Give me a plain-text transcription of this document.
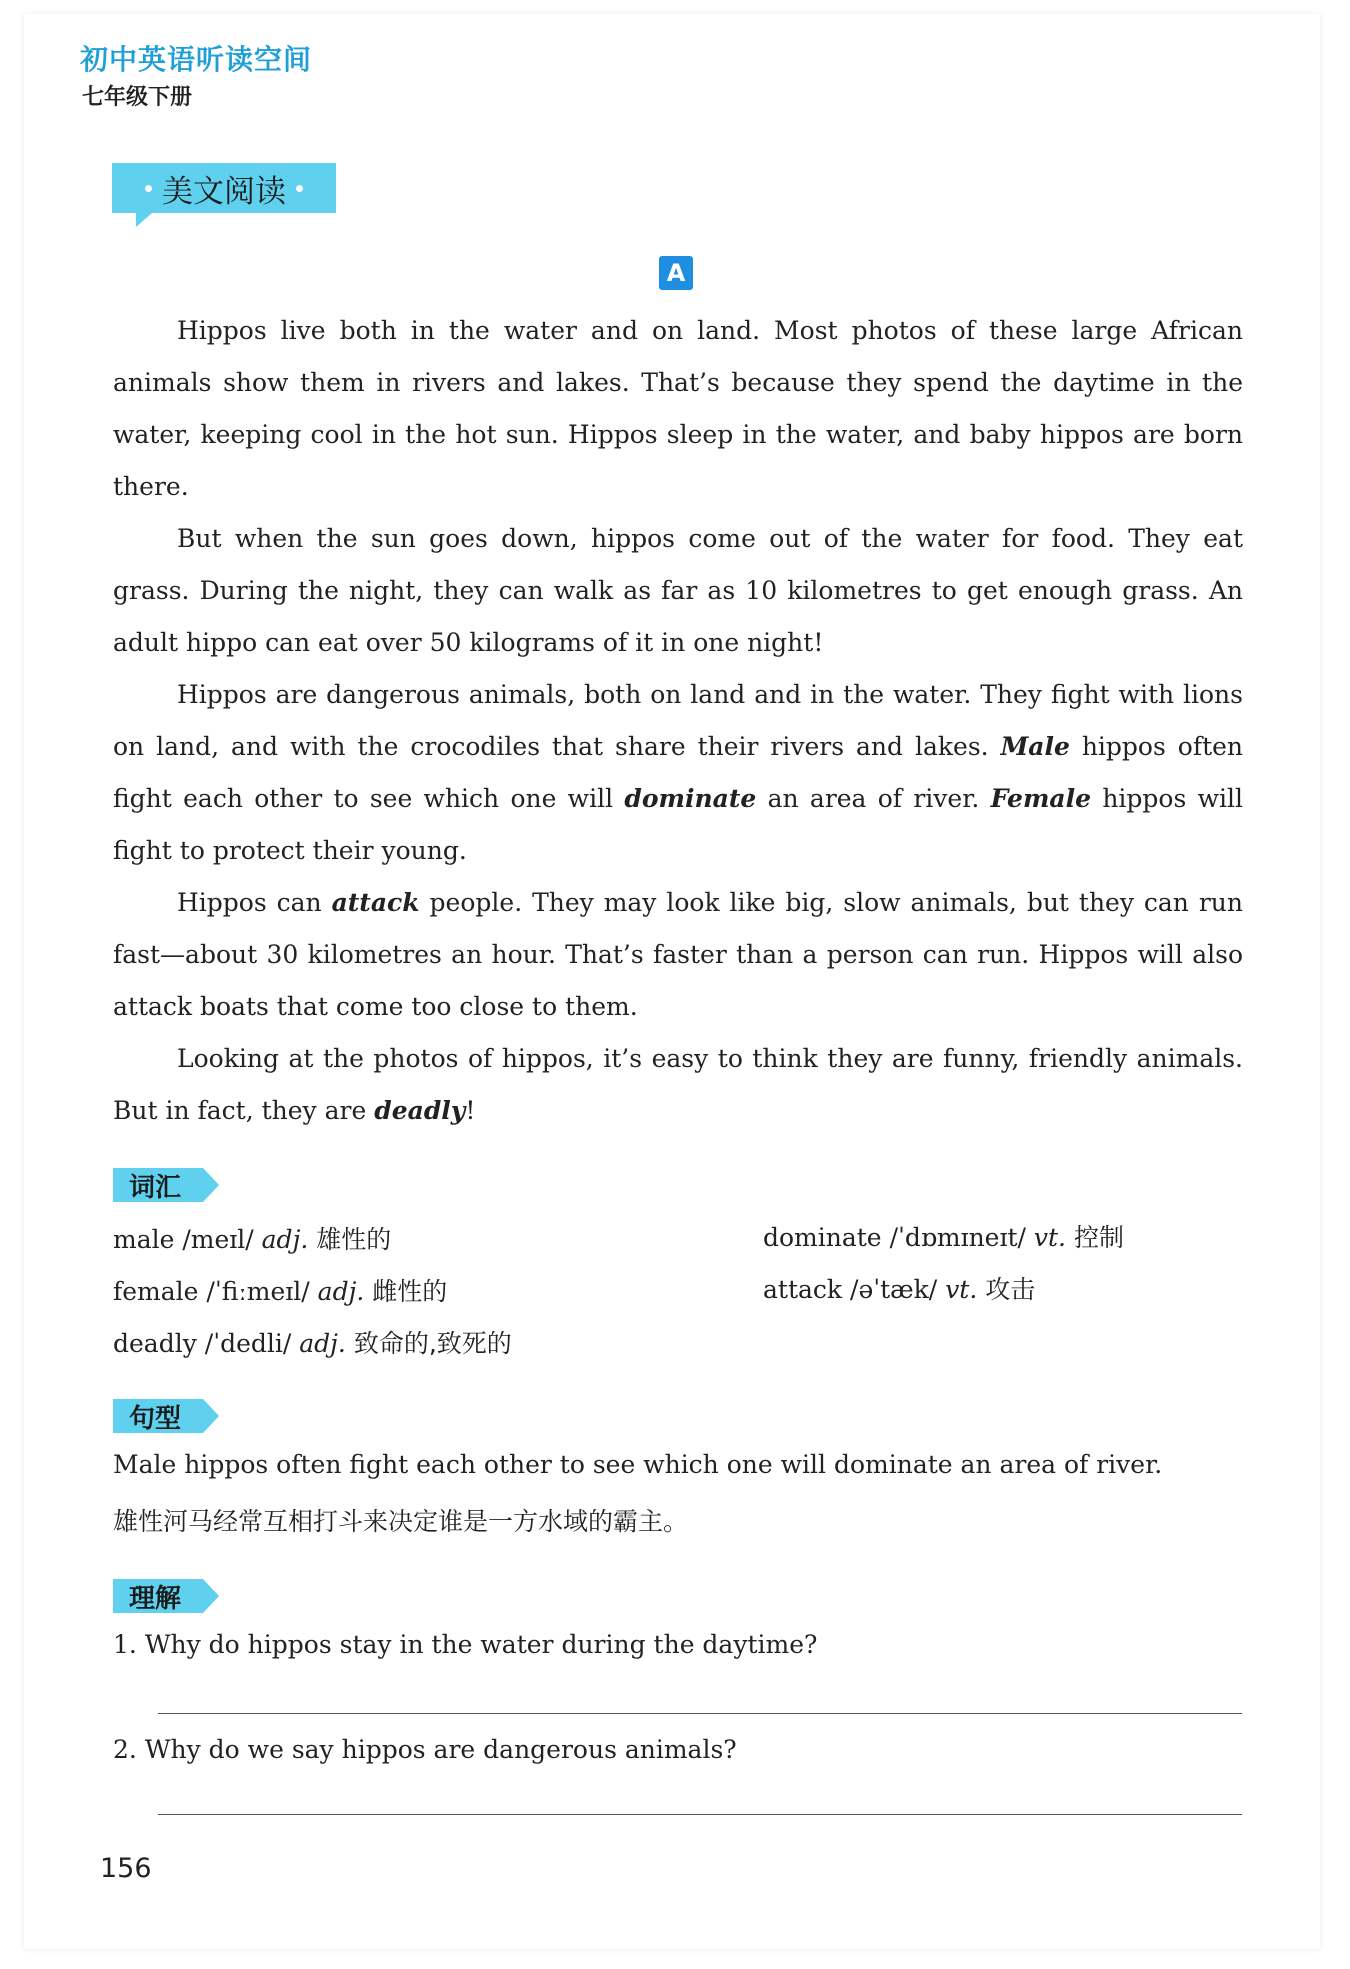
初中英语听读空间
七年级下册
美文阅读
A

Hippos live both in the water and on land. Most photos of these large African animals show them in rivers and lakes. That’s because they spend the daytime in the water, keeping cool in the hot sun. Hippos sleep in the water, and baby hippos are born there.

But when the sun goes down, hippos come out of the water for food. They eat grass. During the night, they can walk as far as 10 kilometres to get enough grass. An adult hippo can eat over 50 kilograms of it in one night!

Hippos are dangerous animals, both on land and in the water. They fight with lions on land, and with the crocodiles that share their rivers and lakes. Male hippos often fight each other to see which one will dominate an area of river. Female hippos will fight to protect their young.

Hippos can attack people. They may look like big, slow animals, but they can run fast—about 30 kilometres an hour. That’s faster than a person can run. Hippos will also attack boats that come too close to them.

Looking at the photos of hippos, it’s easy to think they are funny, friendly animals. But in fact, they are deadly!

词汇
male /meɪl/ adj. 雄性的
female /ˈfiːmeɪl/ adj. 雌性的
deadly /ˈdedli/ adj. 致命的,致死的
dominate /ˈdɒmɪneɪt/ vt. 控制
attack /əˈtæk/ vt. 攻击
句型
Male hippos often fight each other to see which one will dominate an area of river.
雄性河马经常互相打斗来决定谁是一方水域的霸主。
理解
1. Why do hippos stay in the water during the daytime?
2. Why do we say hippos are dangerous animals?
156
